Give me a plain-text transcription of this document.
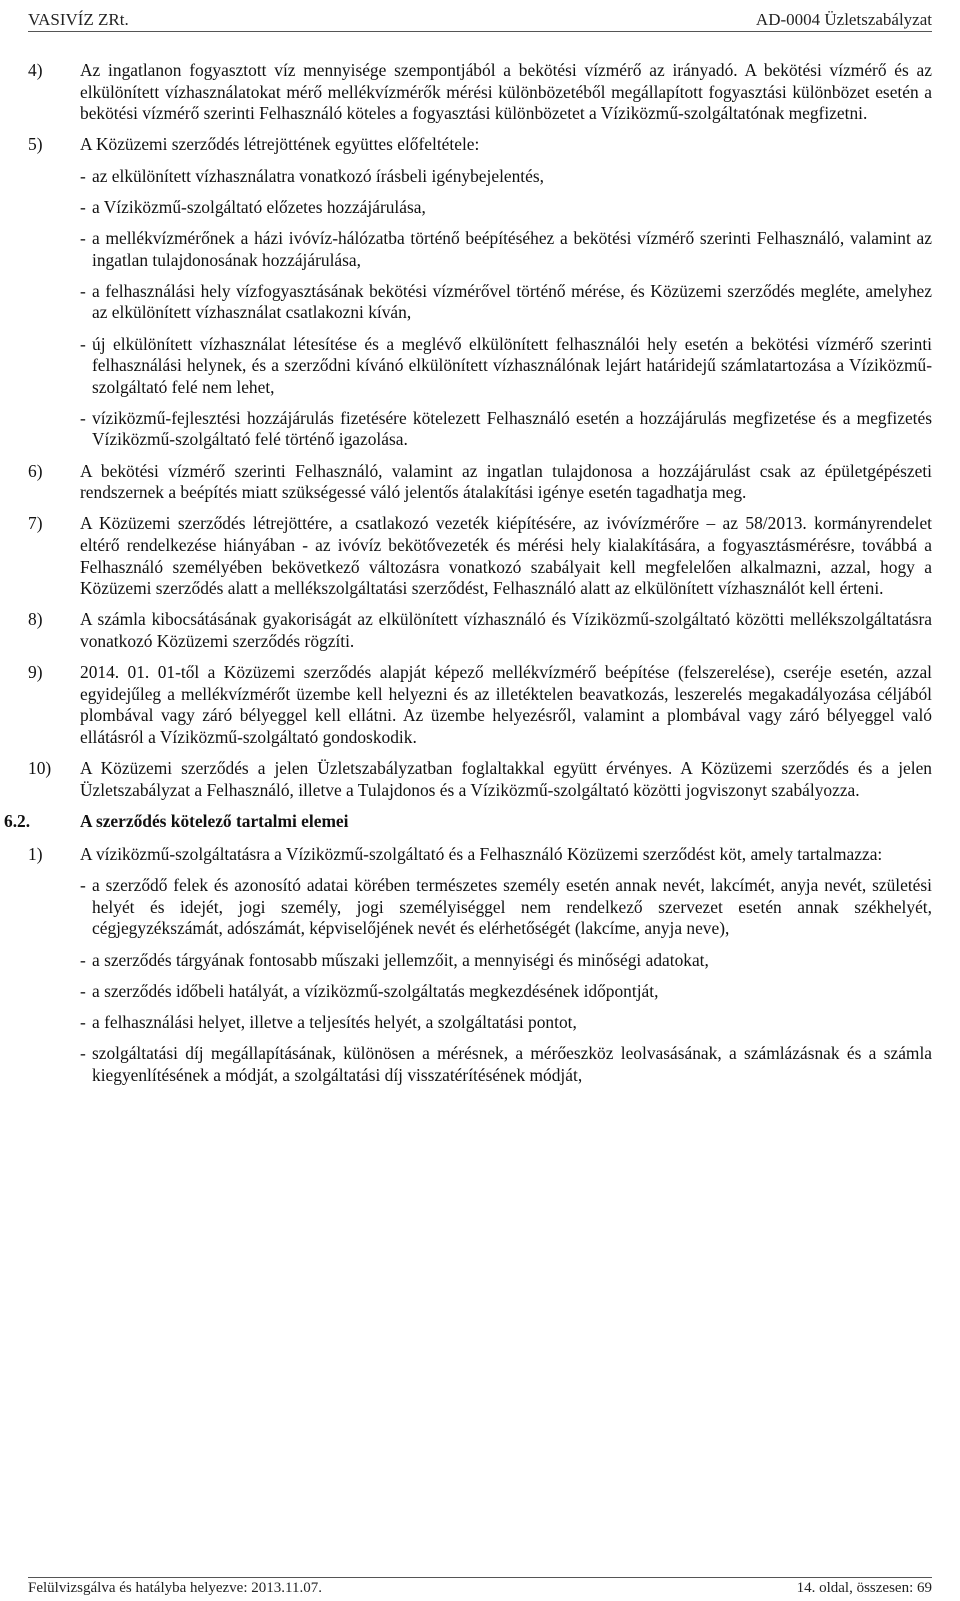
VASIVÍZ ZRt.	AD-0004 Üzletszabályzat
4) Az ingatlanon fogyasztott víz mennyisége szempontjából a bekötési vízmérő az irányadó. A bekötési vízmérő és az elkülönített vízhasználatokat mérő mellékvízmérők mérési különbözetéből megállapított fogyasztási különbözet esetén a bekötési vízmérő szerinti Felhasználó köteles a fogyasztási különbözetet a Víziközmű-szolgáltatónak megfizetni.
5) A Közüzemi szerződés létrejöttének együttes előfeltétele:
- az elkülönített vízhasználatra vonatkozó írásbeli igénybejelentés,
- a Víziközmű-szolgáltató előzetes hozzájárulása,
- a mellékvízmérőnek a házi ivóvíz-hálózatba történő beépítéséhez a bekötési vízmérő szerinti Felhasználó, valamint az ingatlan tulajdonosának hozzájárulása,
- a felhasználási hely vízfogyasztásának bekötési vízmérővel történő mérése, és Közüzemi szerződés megléte, amelyhez az elkülönített vízhasználat csatlakozni kíván,
- új elkülönített vízhasználat létesítése és a meglévő elkülönített felhasználói hely esetén a bekötési vízmérő szerinti felhasználási helynek, és a szerződni kívánó elkülönített vízhasználónak lejárt határidejű számlatartozása a Víziközmű-szolgáltató felé nem lehet,
- víziközmű-fejlesztési hozzájárulás fizetésére kötelezett Felhasználó esetén a hozzájárulás megfizetése és a megfizetés Víziközmű-szolgáltató felé történő igazolása.
6) A bekötési vízmérő szerinti Felhasználó, valamint az ingatlan tulajdonosa a hozzájárulást csak az épületgépészeti rendszernek a beépítés miatt szükségessé váló jelentős átalakítási igénye esetén tagadhatja meg.
7) A Közüzemi szerződés létrejöttére, a csatlakozó vezeték kiépítésére, az ivóvízmérőre – az 58/2013. kormányrendelet eltérő rendelkezése hiányában - az ivóvíz bekötővezeték és mérési hely kialakítására, a fogyasztásmérésre, továbbá a Felhasználó személyében bekövetkező változásra vonatkozó szabályait kell megfelelően alkalmazni, azzal, hogy a Közüzemi szerződés alatt a mellékszolgáltatási szerződést, Felhasználó alatt az elkülönített vízhasználót kell érteni.
8) A számla kibocsátásának gyakoriságát az elkülönített vízhasználó és Víziközmű-szolgáltató közötti mellékszolgáltatásra vonatkozó Közüzemi szerződés rögzíti.
9) 2014. 01. 01-től a Közüzemi szerződés alapját képező mellékvízmérő beépítése (felszerelése), cseréje esetén, azzal egyidejűleg a mellékvízmérőt üzembe kell helyezni és az illetéktelen beavatkozás, leszerelés megakadályozása céljából plombával vagy záró bélyeggel kell ellátni. Az üzembe helyezésről, valamint a plombával vagy záró bélyeggel való ellátásról a Víziközmű-szolgáltató gondoskodik.
10) A Közüzemi szerződés a jelen Üzletszabályzatban foglaltakkal együtt érvényes. A Közüzemi szerződés és a jelen Üzletszabályzat a Felhasználó, illetve a Tulajdonos és a Víziközmű-szolgáltató közötti jogviszonyt szabályozza.
6.2.	A szerződés kötelező tartalmi elemei
1) A víziközmű-szolgáltatásra a Víziközmű-szolgáltató és a Felhasználó Közüzemi szerződést köt, amely tartalmazza:
- a szerződő felek és azonosító adatai körében természetes személy esetén annak nevét, lakcímét, anyja nevét, születési helyét és idejét, jogi személy, jogi személyiséggel nem rendelkező szervezet esetén annak székhelyét, cégjegyzékszámát, adószámát, képviselőjének nevét és elérhetőségét (lakcíme, anyja neve),
- a szerződés tárgyának fontosabb műszaki jellemzőit, a mennyiségi és minőségi adatokat,
- a szerződés időbeli hatályát, a víziközmű-szolgáltatás megkezdésének időpontját,
- a felhasználási helyet, illetve a teljesítés helyét, a szolgáltatási pontot,
- szolgáltatási díj megállapításának, különösen a mérésnek, a mérőeszköz leolvasásának, a számlázásnak és a számla kiegyenlítésének a módját, a szolgáltatási díj visszatérítésének módját,
Felülvizsgálva és hatályba helyezve: 2013.11.07.	14. oldal, összesen: 69
